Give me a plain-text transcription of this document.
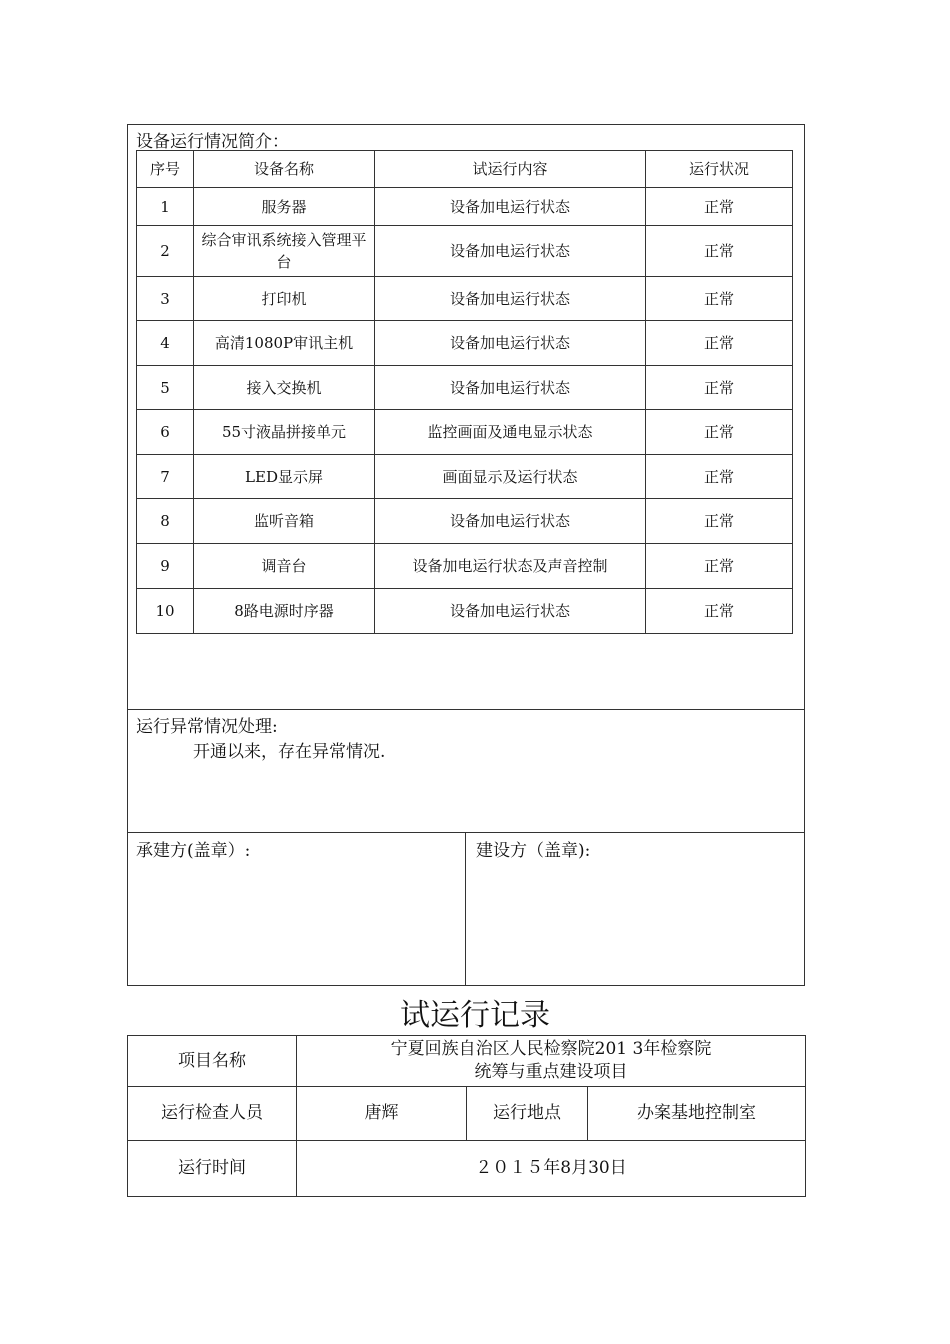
设备运行情况简介：
序号	设备名称	试运行内容	运行状况
1	服务器	设备加电运行状态	正常
2	综合审讯系统接入管理平台	设备加电运行状态	正常
3	打印机	设备加电运行状态	正常
4	高清1080P审讯主机	设备加电运行状态	正常
5	接入交换机	设备加电运行状态	正常
6	55寸液晶拼接单元	监控画面及通电显示状态	正常
7	LED显示屏	画面显示及运行状态	正常
8	监听音箱	设备加电运行状态	正常
9	调音台	设备加电运行状态及声音控制	正常
10	8路电源时序器	设备加电运行状态	正常
运行异常情况处理:
开通以来，存在异常情况.
承建方(盖章）:	建设方（盖章):
试运行记录
项目名称	宁夏回族自治区人民检察院201 3年检察院
统筹与重点建设项目		

运行检查人员	唐辉	运行地点	办案基地控制室
运行时间	２０１５年8月30日		
